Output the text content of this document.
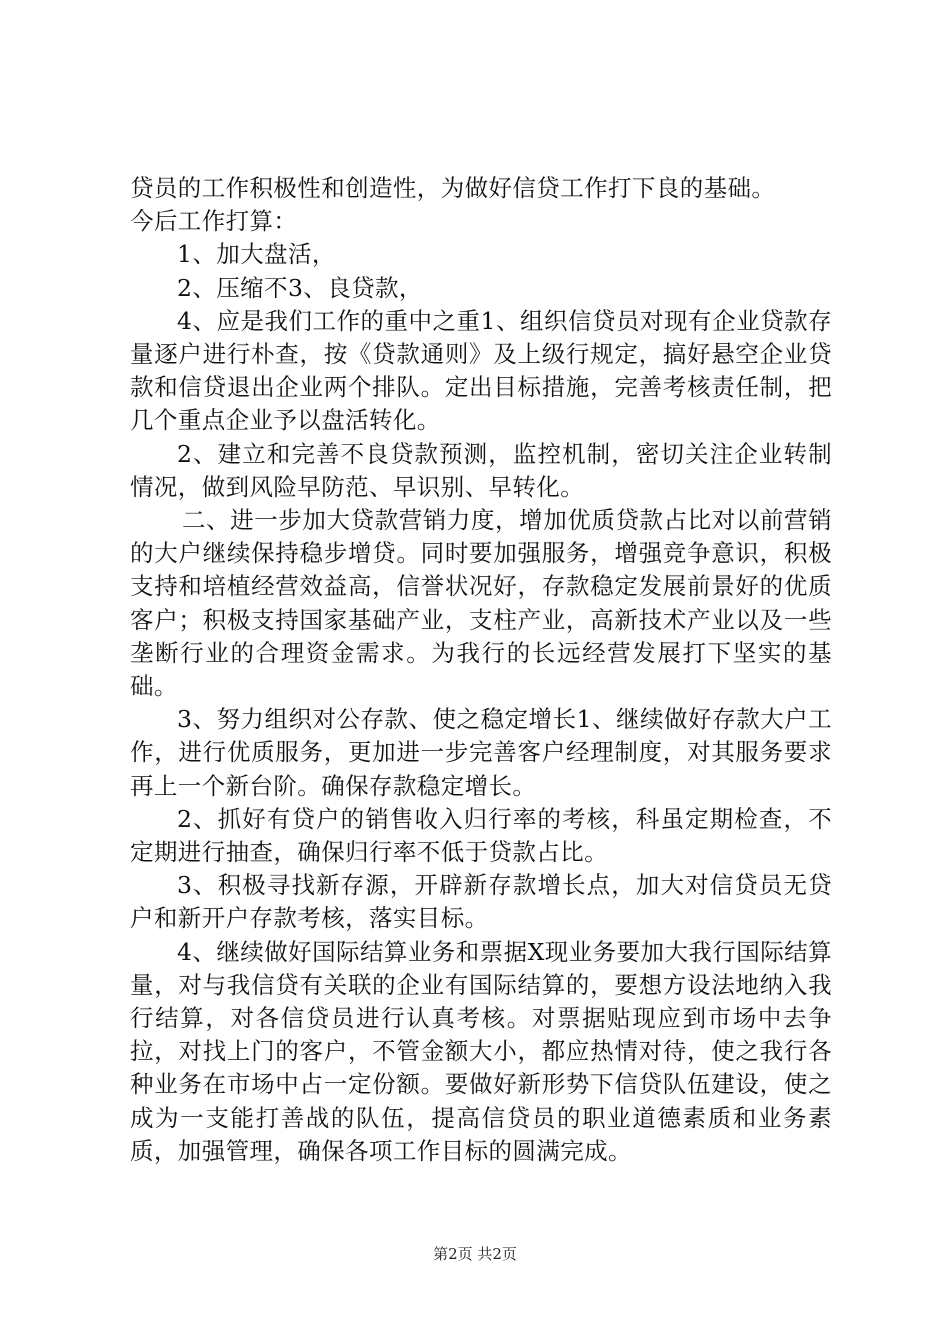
贷员的工作积极性和创造性，为做好信贷工作打下良的基础。

今后工作打算：

1、加大盘活，

2、压缩不3、良贷款，

4、应是我们工作的重中之重1、组织信贷员对现有企业贷款存量逐户进行朴查，按《贷款通则》及上级行规定，搞好悬空企业贷款和信贷退出企业两个排队。定出目标措施，完善考核责任制，把几个重点企业予以盘活转化。

2、建立和完善不良贷款预测，监控机制，密切关注企业转制情况，做到风险早防范、早识别、早转化。

二、进一步加大贷款营销力度，增加优质贷款占比对以前营销的大户继续保持稳步增贷。同时要加强服务，增强竞争意识，积极支持和培植经营效益高，信誉状况好，存款稳定发展前景好的优质客户；积极支持国家基础产业，支柱产业，高新技术产业以及一些垄断行业的合理资金需求。为我行的长远经营发展打下坚实的基础。

3、努力组织对公存款、使之稳定增长1、继续做好存款大户工作，进行优质服务，更加进一步完善客户经理制度，对其服务要求再上一个新台阶。确保存款稳定增长。

2、抓好有贷户的销售收入归行率的考核，科虽定期检查，不定期进行抽查，确保归行率不低于贷款占比。

3、积极寻找新存源，开辟新存款增长点，加大对信贷员无贷户和新开户存款考核，落实目标。

4、继续做好国际结算业务和票据X现业务要加大我行国际结算量，对与我信贷有关联的企业有国际结算的，要想方设法地纳入我行结算，对各信贷员进行认真考核。对票据贴现应到市场中去争拉，对找上门的客户，不管金额大小，都应热情对待，使之我行各种业务在市场中占一定份额。要做好新形势下信贷队伍建设，使之成为一支能打善战的队伍，提高信贷员的职业道德素质和业务素质，加强管理，确保各项工作目标的圆满完成。

第2页 共2页
